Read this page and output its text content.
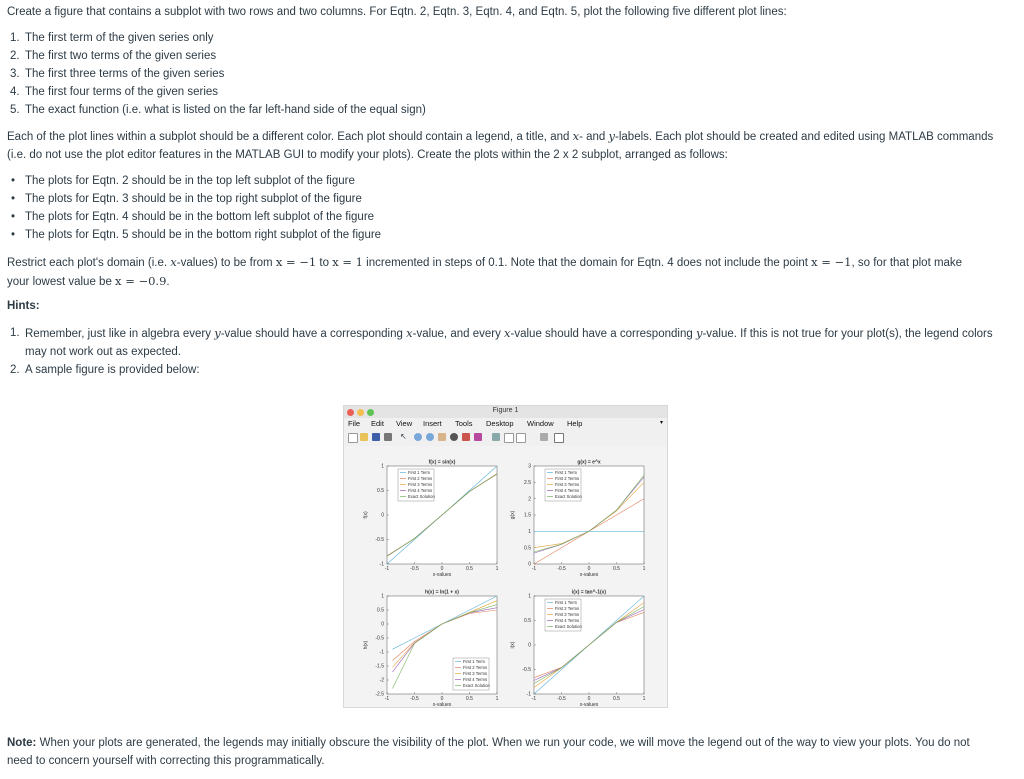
Create a figure that contains a subplot with two rows and two columns. For Eqtn. 2, Eqtn. 3, Eqtn. 4, and Eqtn. 5, plot the following five different plot lines:

1. The first term of the given series only
2. The first two terms of the given series
3. The first three terms of the given series
4. The first four terms of the given series
5. The exact function (i.e. what is listed on the far left-hand side of the equal sign)

Each of the plot lines within a subplot should be a different color. Each plot should contain a legend, a title, and x- and y-labels. Each plot should be created and edited using MATLAB commands
(i.e. do not use the plot editor features in the MATLAB GUI to modify your plots). Create the plots within the 2 x 2 subplot, arranged as follows:

• The plots for Eqtn. 2 should be in the top left subplot of the figure
• The plots for Eqtn. 3 should be in the top right subplot of the figure
• The plots for Eqtn. 4 should be in the bottom left subplot of the figure
• The plots for Eqtn. 5 should be in the bottom right subplot of the figure

Restrict each plot's domain (i.e. x-values) to be from x = −1 to x = 1 incremented in steps of 0.1. Note that the domain for Eqtn. 4 does not include the point x = −1, so for that plot make
your lowest value be x = −0.9.

Hints:

1. Remember, just like in algebra every y-value should have a corresponding x-value, and every x-value should have a corresponding y-value. If this is not true for your plot(s), the legend colors
may not work out as expected.
2. A sample figure is provided below:
Figure 1
File Edit View Insert Tools Desktop Window Help	▾
↖
-1	-0.5	0	0.5	1
-1
-0.5
0
0.5
1
f(x) = sin(x)
x-values
f(x)
First 1 Term
First 2 Terms
First 3 Terms
First 4 Terms
Exact Solution
-1	-0.5	0	0.5	1
0
0.5
1
1.5
2
2.5
3
g(x) = e^x
x-values
g(x)
First 1 Term
First 2 Terms
First 3 Terms
First 4 Terms
Exact Solution
-1	-0.5	0	0.5	1
-2.5
-2
-1.5
-1
-0.5
0
0.5
1
h(x) = ln(1 + x)
x-values
h(x)
First 1 Term
First 2 Terms
First 3 Terms
First 4 Terms
Exact Solution
-1	-0.5	0	0.5	1
-1
-0.5
0
0.5
1
i(x) = tan^-1(x)
x-values
i(x)
First 1 Term
First 2 Terms
First 3 Terms
First 4 Terms
Exact Solution

Note: When your plots are generated, the legends may initially obscure the visibility of the plot. When we run your code, we will move the legend out of the way to view your plots. You do not
need to concern yourself with correcting this programmatically.
